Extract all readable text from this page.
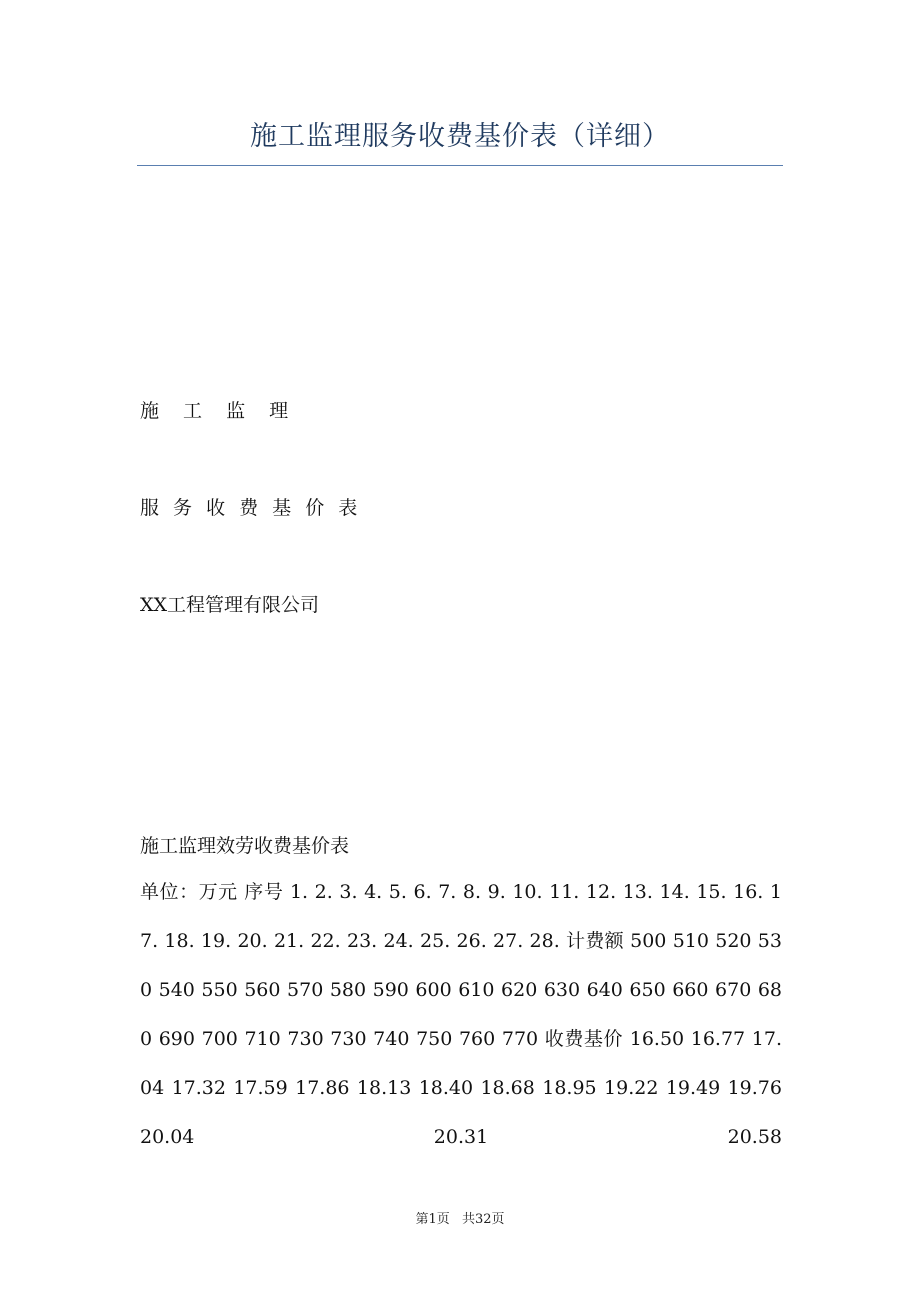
施工监理服务收费基价表（详细）

施 工 监 理

服 务 收 费 基 价 表

XX工程管理有限公司

施工监理效劳收费基价表

单位：万元 序号 1. 2. 3. 4. 5. 6. 7. 8. 9. 10. 11. 12. 13. 14. 15. 16. 17. 18. 19. 20. 21. 22. 23. 24. 25. 26. 27. 28. 计费额 500 510 520 530 540 550 560 570 580 590 600 610 620 630 640 650 660 670 680 690 700 710 730 730 740 750 760 770 收费基价 16.50 16.77 17.04 17.32 17.59 17.86 18.13 18.40 18.68 18.95 19.22 19.49 19.76 20.04 20.31 20.58

第1页 共32页
